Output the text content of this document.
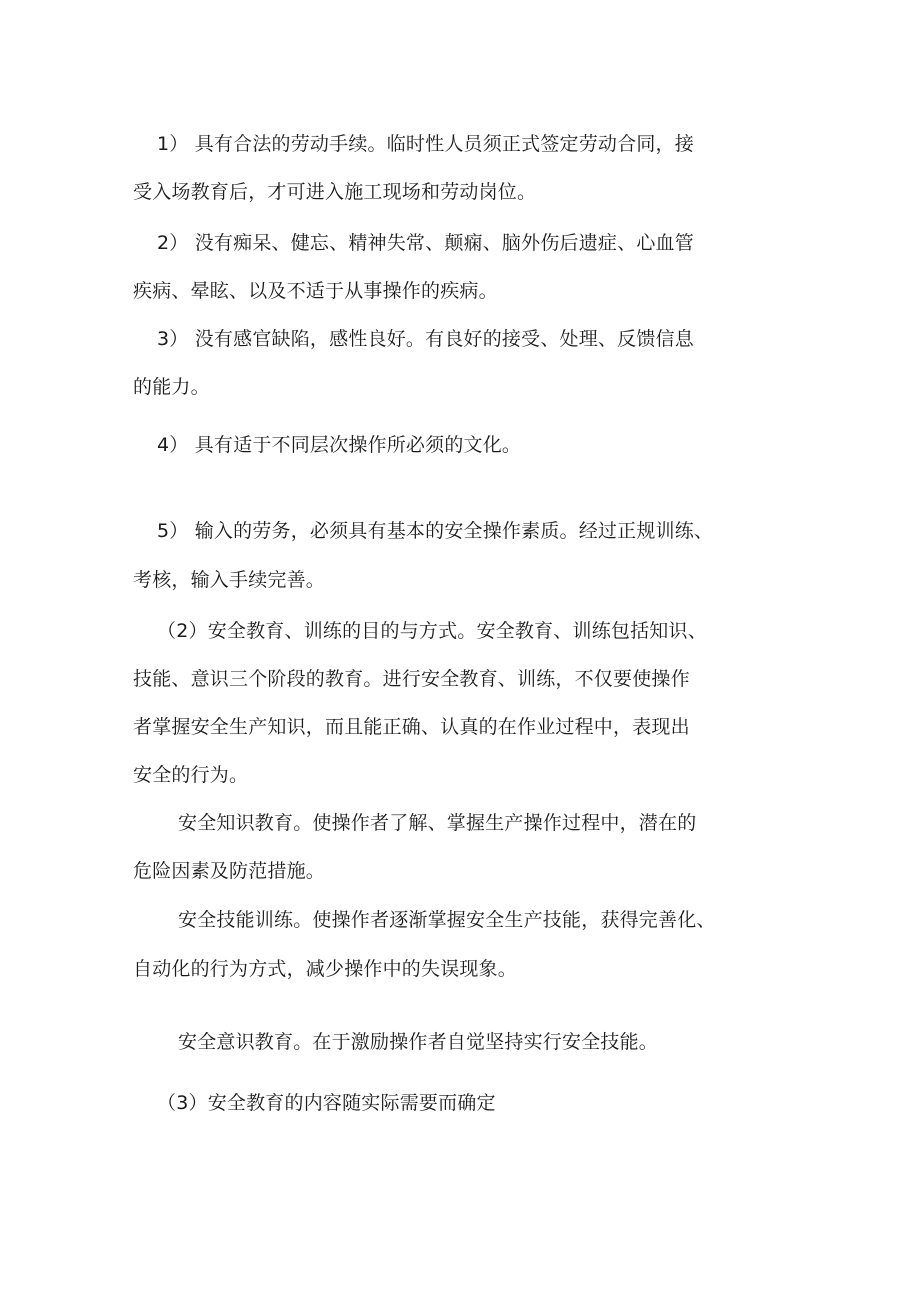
1） 具有合法的劳动手续。临时性人员须正式签定劳动合同，接
受入场教育后，才可进入施工现场和劳动岗位。
2） 没有痴呆、健忘、精神失常、颠痫、脑外伤后遗症、心血管
疾病、晕眩、以及不适于从事操作的疾病。
3） 没有感官缺陷，感性良好。有良好的接受、处理、反馈信息
的能力。
4） 具有适于不同层次操作所必须的文化。
5） 输入的劳务，必须具有基本的安全操作素质。经过正规训练、
考核，输入手续完善。
（2）安全教育、训练的目的与方式。安全教育、训练包括知识、
技能、意识三个阶段的教育。进行安全教育、训练，不仅要使操作
者掌握安全生产知识，而且能正确、认真的在作业过程中，表现出
安全的行为。
安全知识教育。使操作者了解、掌握生产操作过程中，潜在的
危险因素及防范措施。
安全技能训练。使操作者逐渐掌握安全生产技能，获得完善化、
自动化的行为方式，减少操作中的失误现象。
安全意识教育。在于激励操作者自觉坚持实行安全技能。
（3）安全教育的内容随实际需要而确定
